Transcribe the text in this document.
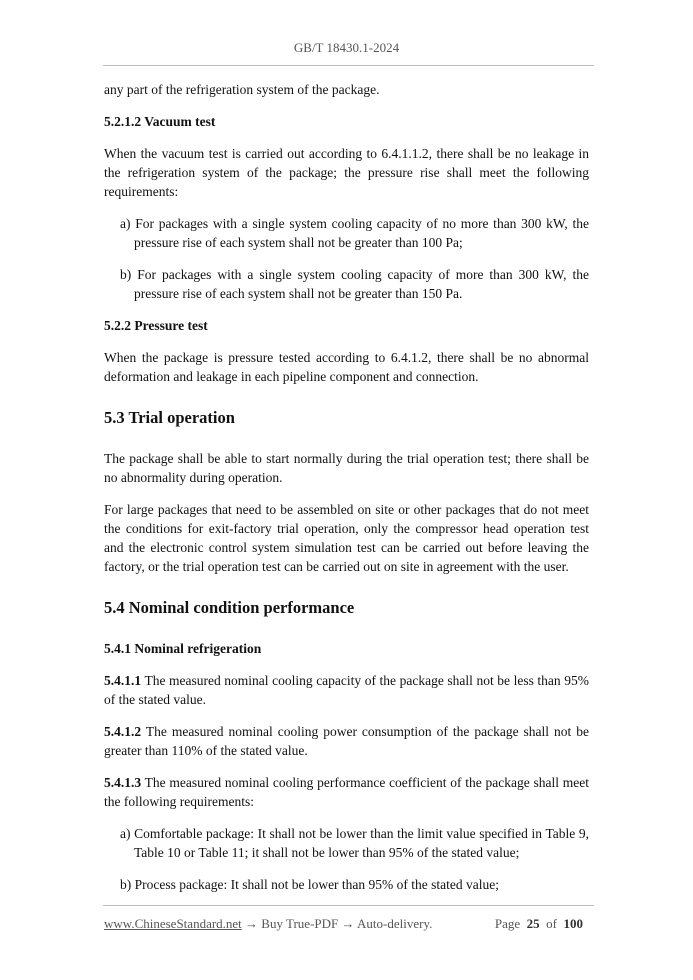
GB/T 18430.1-2024

any part of the refrigeration system of the package.

5.2.1.2 Vacuum test

When the vacuum test is carried out according to 6.4.1.1.2, there shall be no leakage in the refrigeration system of the package; the pressure rise shall meet the following requirements:

a) For packages with a single system cooling capacity of no more than 300 kW, the pressure rise of each system shall not be greater than 100 Pa;

b) For packages with a single system cooling capacity of more than 300 kW, the pressure rise of each system shall not be greater than 150 Pa.

5.2.2 Pressure test

When the package is pressure tested according to 6.4.1.2, there shall be no abnormal deformation and leakage in each pipeline component and connection.

5.3 Trial operation

The package shall be able to start normally during the trial operation test; there shall be no abnormality during operation.

For large packages that need to be assembled on site or other packages that do not meet the conditions for exit-factory trial operation, only the compressor head operation test and the electronic control system simulation test can be carried out before leaving the factory, or the trial operation test can be carried out on site in agreement with the user.

5.4 Nominal condition performance

5.4.1 Nominal refrigeration

5.4.1.1 The measured nominal cooling capacity of the package shall not be less than 95% of the stated value.

5.4.1.2 The measured nominal cooling power consumption of the package shall not be greater than 110% of the stated value.

5.4.1.3 The measured nominal cooling performance coefficient of the package shall meet the following requirements:

a) Comfortable package: It shall not be lower than the limit value specified in Table 9, Table 10 or Table 11; it shall not be lower than 95% of the stated value;

b) Process package: It shall not be lower than 95% of the stated value;

www.ChineseStandard.net → Buy True-PDF → Auto-delivery.	Page 25 of 100
